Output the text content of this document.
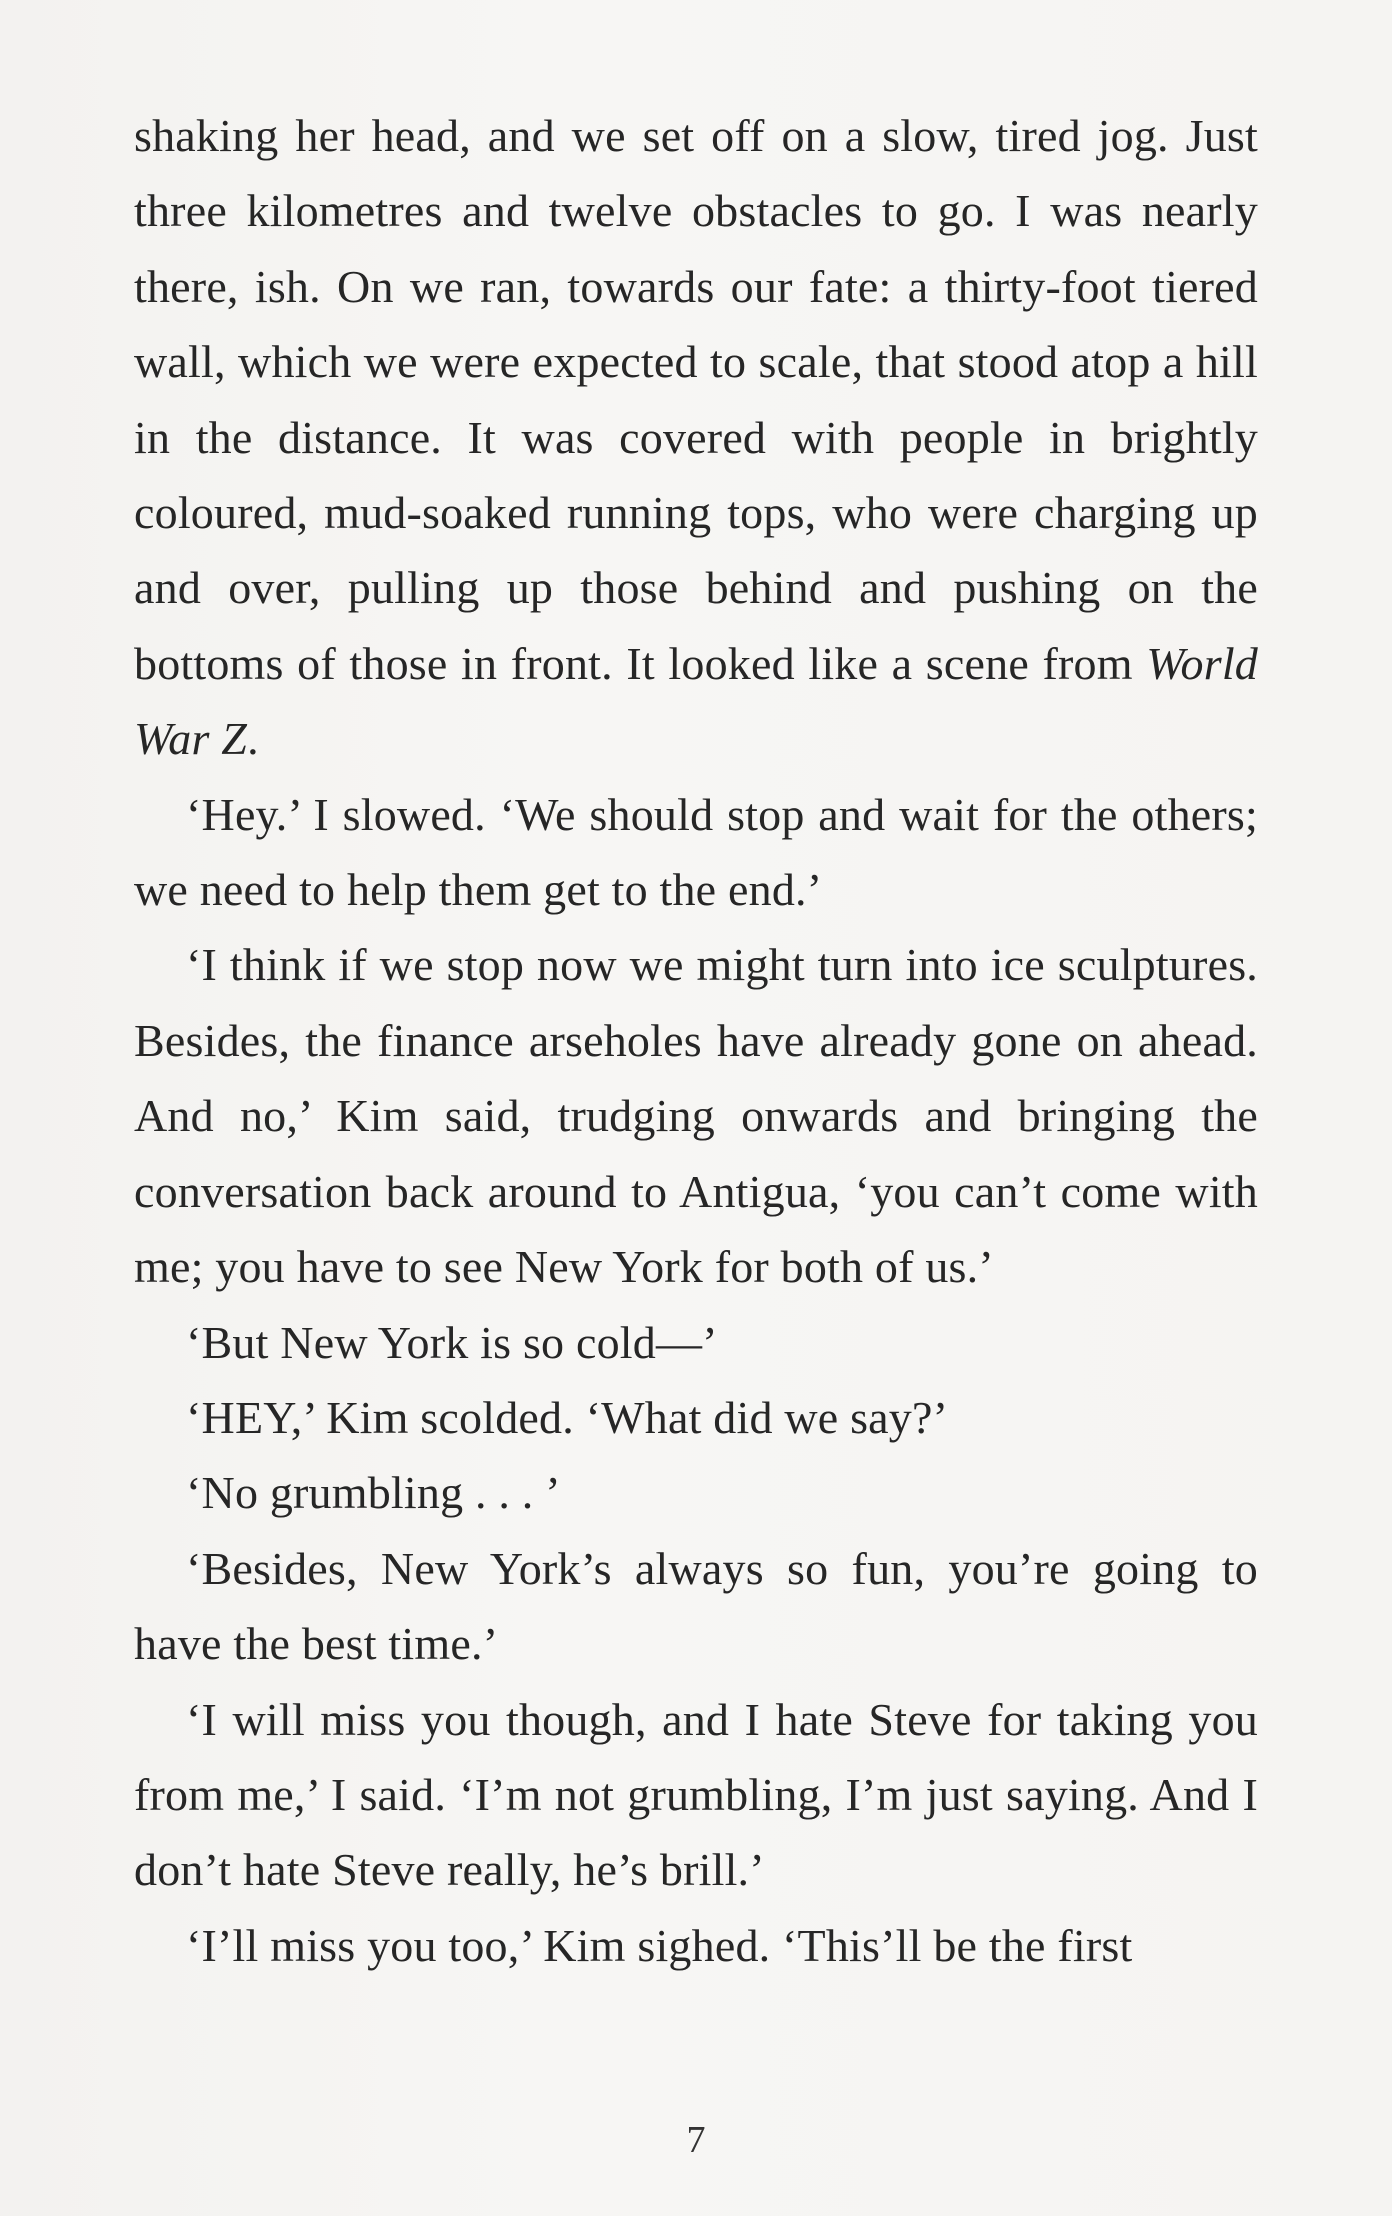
shaking her head, and we set off on a slow, tired jog. Just three kilometres and twelve obstacles to go. I was nearly there, ish. On we ran, towards our fate: a thirty-foot tiered wall, which we were expected to scale, that stood atop a hill in the distance. It was covered with people in brightly coloured, mud-soaked running tops, who were charging up and over, pulling up those behind and pushing on the bottoms of those in front. It looked like a scene from World War Z.

‘Hey.’ I slowed. ‘We should stop and wait for the others; we need to help them get to the end.’

‘I think if we stop now we might turn into ice sculptures. Besides, the finance arseholes have already gone on ahead. And no,’ Kim said, trudging onwards and bringing the conversation back around to Antigua, ‘you can’t come with me; you have to see New York for both of us.’

‘But New York is so cold—’

‘HEY,’ Kim scolded. ‘What did we say?’

‘No grumbling . . . ’

‘Besides, New York’s always so fun, you’re going to have the best time.’

‘I will miss you though, and I hate Steve for taking you from me,’ I said. ‘I’m not grumbling, I’m just saying. And I don’t hate Steve really, he’s brill.’

‘I’ll miss you too,’ Kim sighed. ‘This’ll be the first

7
